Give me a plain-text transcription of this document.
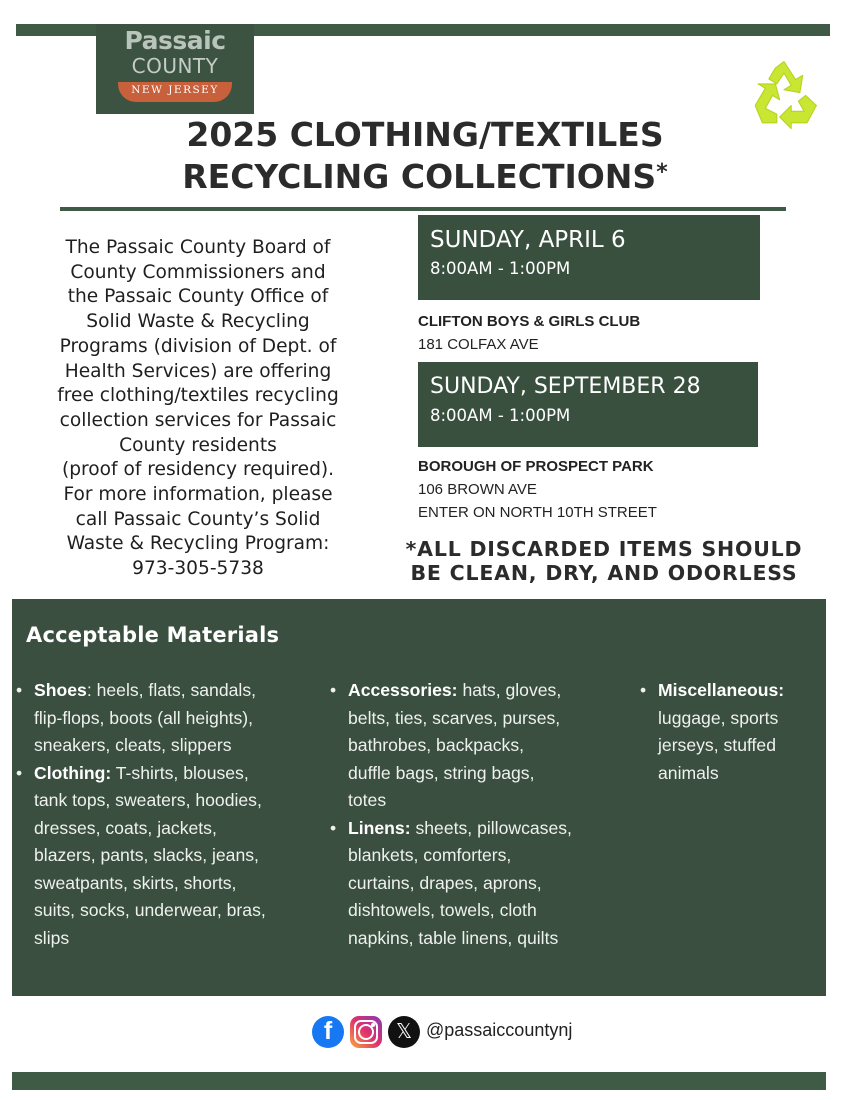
Passaic
COUNTY
NEW JERSEY
2025 CLOTHING/TEXTILES
RECYCLING COLLECTIONS*
The Passaic County Board of
County Commissioners and
the Passaic County Office of
Solid Waste & Recycling
Programs (division of Dept. of
Health Services) are offering
free clothing/textiles recycling
collection services for Passaic
County residents
(proof of residency required).
For more information, please
call Passaic County’s Solid
Waste & Recycling Program:
973-305-5738
SUNDAY, APRIL 6
8:00AM - 1:00PM
CLIFTON BOYS & GIRLS CLUB
181 COLFAX AVE
SUNDAY, SEPTEMBER 28
8:00AM - 1:00PM
BOROUGH OF PROSPECT PARK
106 BROWN AVE
ENTER ON NORTH 10TH STREET
*ALL DISCARDED ITEMS SHOULD
BE CLEAN, DRY, AND ODORLESS
Acceptable Materials
• Shoes: heels, flats, sandals,
flip-flops, boots (all heights),
sneakers, cleats, slippers
• Clothing: T-shirts, blouses,
tank tops, sweaters, hoodies,
dresses, coats, jackets,
blazers, pants, slacks, jeans,
sweatpants, skirts, shorts,
suits, socks, underwear, bras,
slips
• Accessories: hats, gloves,
belts, ties, scarves, purses,
bathrobes, backpacks,
duffle bags, string bags,
totes
• Linens: sheets, pillowcases,
blankets, comforters,
curtains, drapes, aprons,
dishtowels, towels, cloth
napkins, table linens, quilts
• Miscellaneous:
luggage, sports
jerseys, stuffed
animals
f	𝕏 @passaiccountynj
